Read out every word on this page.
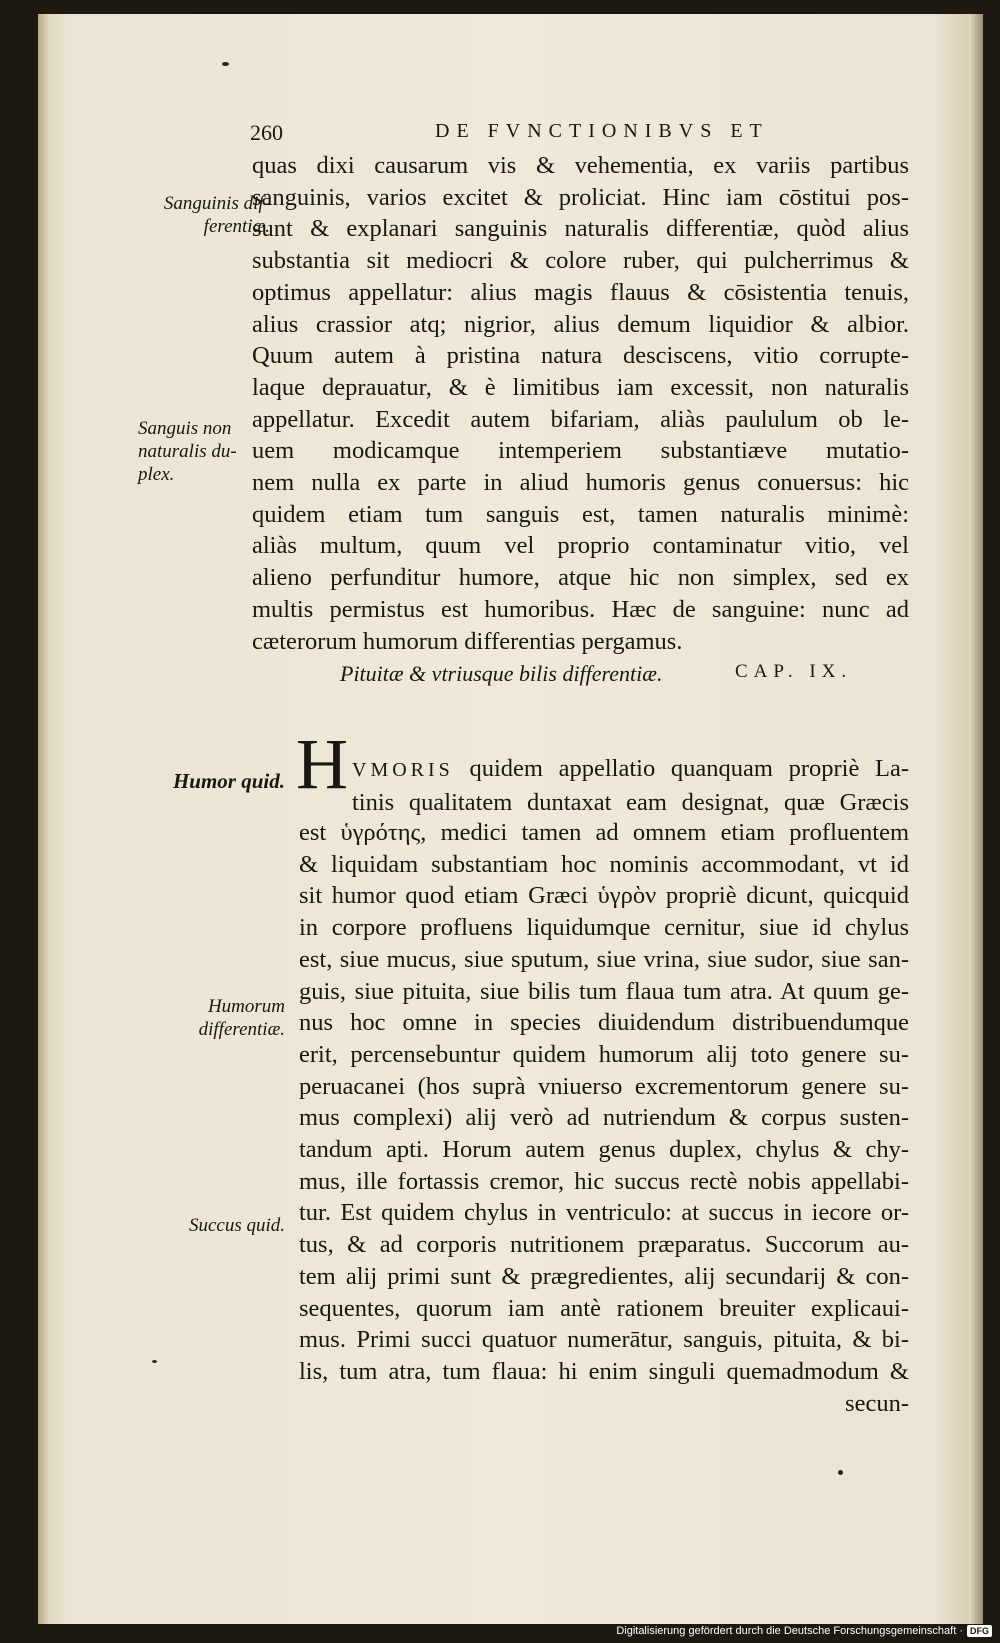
260	DE FVNCTIONIBVS ET
Sanguinis dif-
ferentiæ.
Sanguis non
naturalis du-
plex.
Humor quid.
Humorum
differentiæ.
Succus quid.

quas dixi causarum vis & vehementia, ex variis partibus

sanguinis, varios excitet & proliciat. Hinc iam cōstitui pos-

sunt & explanari sanguinis naturalis differentiæ, quòd alius

substantia sit mediocri & colore ruber, qui pulcherrimus &

optimus appellatur: alius magis flauus & cōsistentia tenuis,

alius crassior atq; nigrior, alius demum liquidior & albior.

Quum autem à pristina natura desciscens, vitio corrupte-

laque deprauatur, & è limitibus iam excessit, non naturalis

appellatur. Excedit autem bifariam, aliàs paululum ob le-

uem modicamque intemperiem substantiæve mutatio-

nem nulla ex parte in aliud humoris genus conuersus: hic

quidem etiam tum sanguis est, tamen naturalis minimè:

aliàs multum, quum vel proprio contaminatur vitio, vel

alieno perfunditur humore, atque hic non simplex, sed ex

multis permistus est humoribus. Hæc de sanguine: nunc ad

cæterorum humorum differentias pergamus.

Pituitæ & vtriusque bilis differentiæ.	CAP. IX.
H VMORIS quidem appellatio quanquam propriè La-

tinis qualitatem duntaxat eam designat, quæ Græcis

est ὑγρότης, medici tamen ad omnem etiam profluentem

& liquidam substantiam hoc nominis accommodant, vt id

sit humor quod etiam Græci ὑγρὸν propriè dicunt, quicquid

in corpore profluens liquidumque cernitur, siue id chylus

est, siue mucus, siue sputum, siue vrina, siue sudor, siue san-

guis, siue pituita, siue bilis tum flaua tum atra. At quum ge-

nus hoc omne in species diuidendum distribuendumque

erit, percensebuntur quidem humorum alij toto genere su-

peruacanei (hos suprà vniuerso excrementorum genere su-

mus complexi) alij verò ad nutriendum & corpus susten-

tandum apti. Horum autem genus duplex, chylus & chy-

mus, ille fortassis cremor, hic succus rectè nobis appellabi-

tur. Est quidem chylus in ventriculo: at succus in iecore or-

tus, & ad corporis nutritionem præparatus. Succorum au-

tem alij primi sunt & prægredientes, alij secundarij & con-

sequentes, quorum iam antè rationem breuiter explicaui-

mus. Primi succi quatuor numerātur, sanguis, pituita, & bi-

lis, tum atra, tum flaua: hi enim singuli quemadmodum &

secun-

Digitalisierung gefördert durch die Deutsche Forschungsgemeinschaft · DFG
